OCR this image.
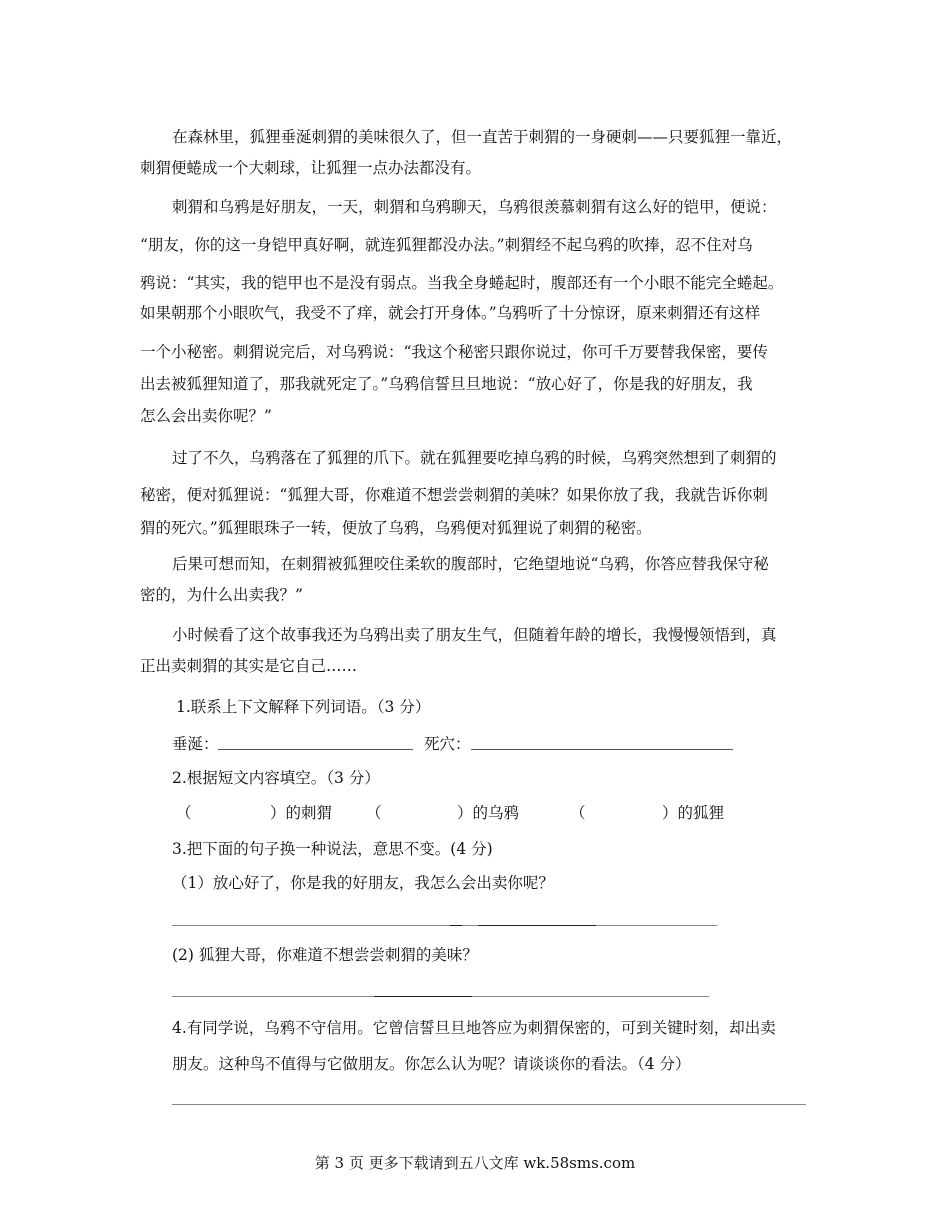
在森林里，狐狸垂涎刺猬的美味很久了，但一直苦于刺猬的一身硬刺——只要狐狸一靠近，
刺猬便蜷成一个大刺球，让狐狸一点办法都没有。
刺猬和乌鸦是好朋友，一天，刺猬和乌鸦聊天，乌鸦很羡慕刺猬有这么好的铠甲，便说：
“朋友，你的这一身铠甲真好啊，就连狐狸都没办法。”刺猬经不起乌鸦的吹捧，忍不住对乌
鸦说：“其实，我的铠甲也不是没有弱点。当我全身蜷起时，腹部还有一个小眼不能完全蜷起。
如果朝那个小眼吹气，我受不了痒，就会打开身体。”乌鸦听了十分惊讶，原来刺猬还有这样
一个小秘密。刺猬说完后，对乌鸦说：“我这个秘密只跟你说过，你可千万要替我保密，要传
出去被狐狸知道了，那我就死定了。”乌鸦信誓旦旦地说：“放心好了，你是我的好朋友，我
怎么会出卖你呢？”
过了不久，乌鸦落在了狐狸的爪下。就在狐狸要吃掉乌鸦的时候，乌鸦突然想到了刺猬的
秘密，便对狐狸说：“狐狸大哥，你难道不想尝尝刺猬的美味？如果你放了我，我就告诉你刺
猬的死穴。”狐狸眼珠子一转，便放了乌鸦，乌鸦便对狐狸说了刺猬的秘密。
后果可想而知，在刺猬被狐狸咬住柔软的腹部时，它绝望地说“乌鸦，你答应替我保守秘
密的，为什么出卖我？”
小时候看了这个故事我还为乌鸦出卖了朋友生气，但随着年龄的增长，我慢慢领悟到，真
正出卖刺猬的其实是它自己……
1.联系上下文解释下列词语。（3 分）
垂涎：	死穴：
2.根据短文内容填空。（3 分）
（	）的刺猬 （	）的乌鸦	（	）的狐狸
3.把下面的句子换一种说法，意思不变。(4 分)
（1）放心好了，你是我的好朋友，我怎么会出卖你呢？
(2) 狐狸大哥，你难道不想尝尝刺猬的美味？
4.有同学说，乌鸦不守信用。它曾信誓旦旦地答应为刺猬保密的，可到关键时刻，却出卖
朋友。这种鸟不值得与它做朋友。你怎么认为呢？请谈谈你的看法。（4 分）
第 3 页 更多下载请到五八文库 wk.58sms.com
